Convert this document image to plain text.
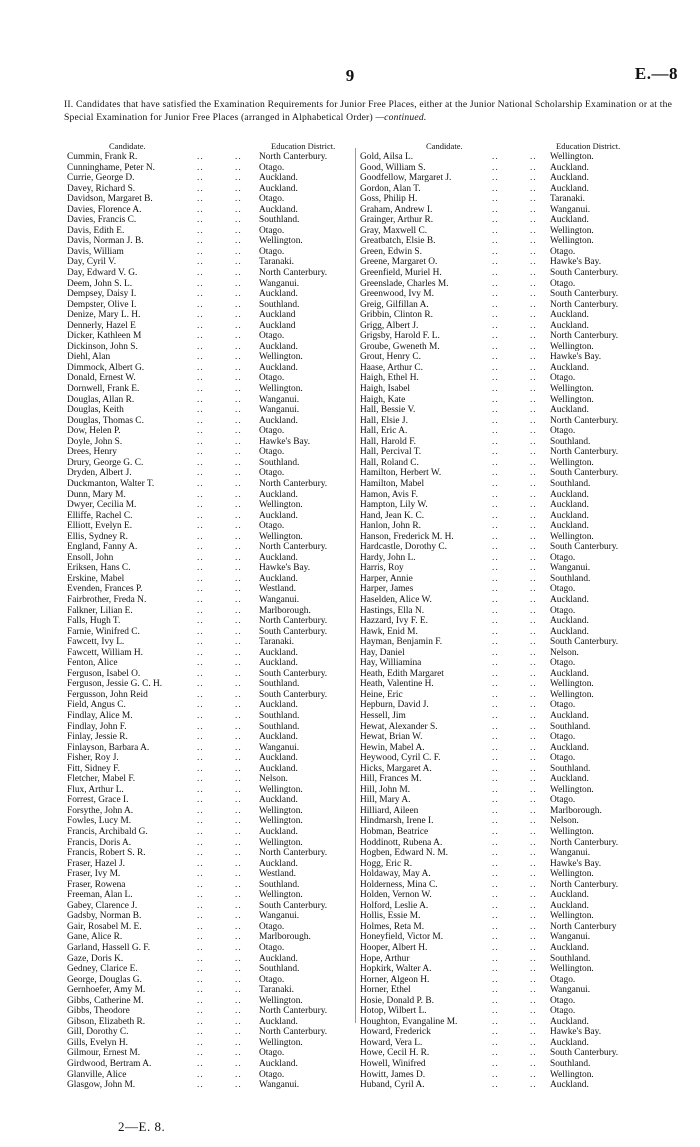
9	E.—8
II. Candidates that have satisfied the Examination Requirements for Junior Free Places, either at the Junior National Scholarship Examination or at the Special Examination for Junior Free Places (arranged in Alphabetical Order) —continued.
Candidate.	Education District.
Cummin, Frank R.	..	.. North Canterbury.
Cunninghame, Peter N.	..	.. Otago.
Currie, George D.	..	.. Auckland.
Davey, Richard S.	..	.. Auckland.
Davidson, Margaret B.	..	.. Otago.
Davies, Florence A.	..	.. Auckland.
Davies, Francis C.	..	.. Southland.
Davis, Edith E.	..	.. Otago.
Davis, Norman J. B.	..	.. Wellington.
Davis, William	..	.. Otago.
Day, Cyril V.	..	.. Taranaki.
Day, Edward V. G.	..	.. North Canterbury.
Deem, John S. L.	..	.. Wanganui.
Dempsey, Daisy I.	..	.. Auckland.
Dempster, Olive I.	..	.. Southland.
Denize, Mary L. H.	..	.. Auckland
Dennerly, Hazel E	..	.. Auckland
Dicker, Kathleen M	..	.. Otago.
Dickinson, John S.	..	.. Auckland.
Diehl, Alan	..	.. Wellington.
Dimmock, Albert G.	..	.. Auckland.
Donald, Ernest W.	..	.. Otago.
Dornwell, Frank E.	..	.. Wellington.
Douglas, Allan R.	..	.. Wanganui.
Douglas, Keith	..	.. Wanganui.
Douglas, Thomas C.	..	.. Auckland.
Dow, Helen P.	..	.. Otago.
Doyle, John S.	..	.. Hawke's Bay.
Drees, Henry	..	.. Otago.
Drury, George G. C.	..	.. Southland.
Dryden, Albert J.	..	.. Otago.
Duckmanton, Walter T.	..	.. North Canterbury.
Dunn, Mary M.	..	.. Auckland.
Dwyer, Cecilia M.	..	.. Wellington.
Elliffe, Rachel C.	..	.. Auckland.
Elliott, Evelyn E.	..	.. Otago.
Ellis, Sydney R.	..	.. Wellington.
England, Fanny A.	..	.. North Canterbury.
Ensoll, John	..	.. Auckland.
Eriksen, Hans C.	..	.. Hawke's Bay.
Erskine, Mabel	..	.. Auckland.
Evenden, Frances P.	..	.. Westland.
Fairbrother, Freda N.	..	.. Wanganui.
Falkner, Lilian E.	..	.. Marlborough.
Falls, Hugh T.	..	.. North Canterbury.
Farnie, Winifred C.	..	.. South Canterbury.
Fawcett, Ivy L.	..	.. Taranaki.
Fawcett, William H.	..	.. Auckland.
Fenton, Alice	..	.. Auckland.
Ferguson, Isabel O.	..	.. South Canterbury.
Ferguson, Jessie G. C. H.	..	.. Southland.
Fergusson, John Reid	..	.. South Canterbury.
Field, Angus C.	..	.. Auckland.
Findlay, Alice M.	..	.. Southland.
Findlay, John F.	..	.. Southland.
Finlay, Jessie R.	..	.. Auckland.
Finlayson, Barbara A.	..	.. Wanganui.
Fisher, Roy J.	..	.. Auckland.
Fitt, Sidney F.	..	.. Auckland.
Fletcher, Mabel F.	..	.. Nelson.
Flux, Arthur L.	..	.. Wellington.
Forrest, Grace I.	..	.. Auckland.
Forsythe, John A.	..	.. Wellington.
Fowles, Lucy M.	..	.. Wellington.
Francis, Archibald G.	..	.. Auckland.
Francis, Doris A.	..	.. Wellington.
Francis, Robert S. R.	..	.. North Canterbury.
Fraser, Hazel J.	..	.. Auckland.
Fraser, Ivy M.	..	.. Westland.
Fraser, Rowena	..	.. Southland.
Freeman, Alan L.	..	.. Wellington.
Gabey, Clarence J.	..	.. South Canterbury.
Gadsby, Norman B.	..	.. Wanganui.
Gair, Rosabel M. E.	..	.. Otago.
Gane, Alice R.	..	.. Marlborough.
Garland, Hassell G. F.	..	.. Otago.
Gaze, Doris K.	..	.. Auckland.
Gedney, Clarice E.	..	.. Southland.
George, Douglas G.	..	.. Otago.
Gernhoefer, Amy M.	..	.. Taranaki.
Gibbs, Catherine M.	..	.. Wellington.
Gibbs, Theodore	..	.. North Canterbury.
Gibson, Elizabeth R.	..	.. Auckland.
Gill, Dorothy C.	..	.. North Canterbury.
Gills, Evelyn H.	..	.. Wellington.
Gilmour, Ernest M.	..	.. Otago.
Girdwood, Bertram A.	..	.. Auckland.
Glanville, Alice	..	.. Otago.
Glasgow, John M.	..	.. Wanganui.
Candidate.	Education District.
Gold, Ailsa L.	..	.. Wellington.
Good, William S.	..	.. Auckland.
Goodfellow, Margaret J.	..	.. Auckland.
Gordon, Alan T.	..	.. Auckland.
Goss, Philip H.	..	.. Taranaki.
Graham, Andrew I.	..	.. Wanganui.
Grainger, Arthur R.	..	.. Auckland.
Gray, Maxwell C.	..	.. Wellington.
Greatbatch, Elsie B.	..	.. Wellington.
Green, Edwin S.	..	.. Otago.
Greene, Margaret O.	..	.. Hawke's Bay.
Greenfield, Muriel H.	..	.. South Canterbury.
Greenslade, Charles M.	..	.. Otago.
Greenwood, Ivy M.	..	.. South Canterbury.
Greig, Gilfillan A.	..	.. North Canterbury.
Gribbin, Clinton R.	..	.. Auckland.
Grigg, Albert J.	..	.. Auckland.
Grigsby, Harold F. L.	..	.. North Canterbury.
Groube, Gweneth M.	..	.. Wellington.
Grout, Henry C.	..	.. Hawke's Bay.
Haase, Arthur C.	..	.. Auckland.
Haigh, Ethel H.	..	.. Otago.
Haigh, Isabel	..	.. Wellington.
Haigh, Kate	..	.. Wellington.
Hall, Bessie V.	..	.. Auckland.
Hall, Elsie J.	..	.. North Canterbury.
Hall, Eric A.	..	.. Otago.
Hall, Harold F.	..	.. Southland.
Hall, Percival T.	..	.. North Canterbury.
Hall, Roland C.	..	.. Wellington.
Hamilton, Herbert W.	..	.. South Canterbury.
Hamilton, Mabel	..	.. Southland.
Hamon, Avis F.	..	.. Auckland.
Hampton, Lily W.	..	.. Auckland.
Hand, Jean K. C.	..	.. Auckland.
Hanlon, John R.	..	.. Auckland.
Hanson, Frederick M. H.	..	.. Wellington.
Hardcastle, Dorothy C.	..	.. South Canterbury.
Hardy, John L.	..	.. Otago.
Harris, Roy	..	.. Wanganui.
Harper, Annie	..	.. Southland.
Harper, James	..	.. Otago.
Haselden, Alice W.	..	.. Auckland.
Hastings, Ella N.	..	.. Otago.
Hazzard, Ivy F. E.	..	.. Auckland.
Hawk, Enid M.	..	.. Auckland.
Hayman, Benjamin F.	..	.. South Canterbury.
Hay, Daniel	..	.. Nelson.
Hay, Williamina	..	.. Otago.
Heath, Edith Margaret	..	.. Auckland.
Heath, Valentine H.	..	.. Wellington.
Heine, Eric	..	.. Wellington.
Hepburn, David J.	..	.. Otago.
Hessell, Jim	..	.. Auckland.
Hewat, Alexander S.	..	.. Southland.
Hewat, Brian W.	..	.. Otago.
Hewin, Mabel A.	..	.. Auckland.
Heywood, Cyril C. F.	..	.. Otago.
Hicks, Margaret A.	..	.. Southland.
Hill, Frances M.	..	.. Auckland.
Hill, John M.	..	.. Wellington.
Hill, Mary A.	..	.. Otago.
Hilliard, Aileen	..	.. Marlborough.
Hindmarsh, Irene I.	..	.. Nelson.
Hobman, Beatrice	..	.. Wellington.
Hoddinott, Rubena A.	..	.. North Canterbury.
Hogben, Edward N. M.	..	.. Wanganui.
Hogg, Eric R.	..	.. Hawke's Bay.
Holdaway, May A.	..	.. Wellington.
Holderness, Mina C.	..	.. North Canterbury.
Holden, Vernon W.	..	.. Auckland.
Holford, Leslie A.	..	.. Auckland.
Hollis, Essie M.	..	.. Wellington.
Holmes, Reta M.	..	.. North Canterbury
Honeyfield, Victor M.	..	.. Wanganui.
Hooper, Albert H.	..	.. Auckland.
Hope, Arthur	..	.. Southland.
Hopkirk, Walter A.	..	.. Wellington.
Horner, Algeon H.	..	.. Otago.
Horner, Ethel	..	.. Wanganui.
Hosie, Donald P. B.	..	.. Otago.
Hotop, Wilbert L.	..	.. Otago.
Houghton, Evangaline M.	..	.. Auckland.
Howard, Frederick	..	.. Hawke's Bay.
Howard, Vera L.	..	.. Auckland.
Howe, Cecil H. R.	..	.. South Canterbury.
Howell, Winifred	..	.. Southland.
Howitt, James D.	..	.. Wellington.
Huband, Cyril A.	..	.. Auckland.
2—E. 8.
